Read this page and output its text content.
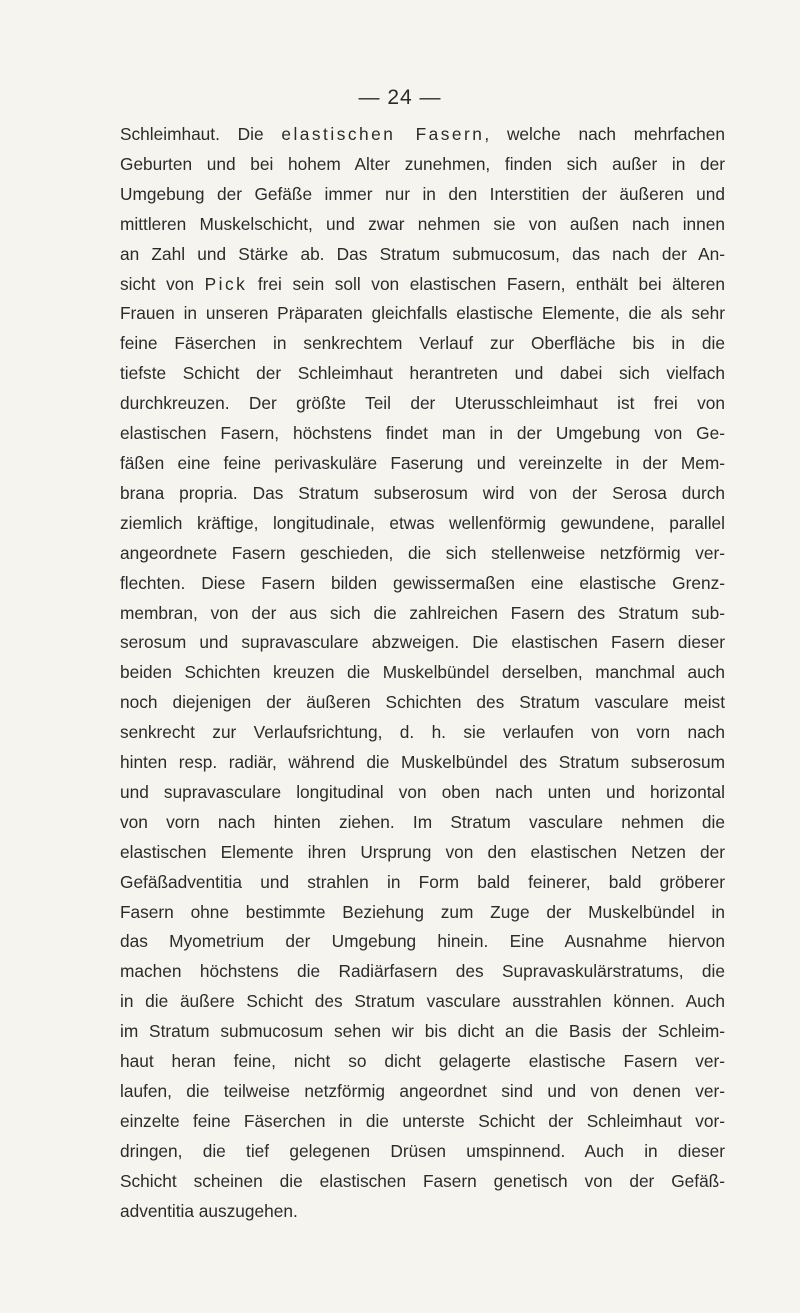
— 24 —
Schleimhaut. Die elastischen Fasern, welche nach mehrfachen
Geburten und bei hohem Alter zunehmen, finden sich außer in der
Umgebung der Gefäße immer nur in den Interstitien der äußeren und
mittleren Muskelschicht, und zwar nehmen sie von außen nach innen
an Zahl und Stärke ab. Das Stratum submucosum, das nach der An-
sicht von Pick frei sein soll von elastischen Fasern, enthält bei älteren
Frauen in unseren Präparaten gleichfalls elastische Elemente, die als sehr
feine Fäserchen in senkrechtem Verlauf zur Oberfläche bis in die
tiefste Schicht der Schleimhaut herantreten und dabei sich vielfach
durchkreuzen. Der größte Teil der Uterusschleimhaut ist frei von
elastischen Fasern, höchstens findet man in der Umgebung von Ge-
fäßen eine feine perivaskuläre Faserung und vereinzelte in der Mem-
brana propria. Das Stratum subserosum wird von der Serosa durch
ziemlich kräftige, longitudinale, etwas wellenförmig gewundene, parallel
angeordnete Fasern geschieden, die sich stellenweise netzförmig ver-
flechten. Diese Fasern bilden gewissermaßen eine elastische Grenz-
membran, von der aus sich die zahlreichen Fasern des Stratum sub-
serosum und supravasculare abzweigen. Die elastischen Fasern dieser
beiden Schichten kreuzen die Muskelbündel derselben, manchmal auch
noch diejenigen der äußeren Schichten des Stratum vasculare meist
senkrecht zur Verlaufsrichtung, d. h. sie verlaufen von vorn nach
hinten resp. radiär, während die Muskelbündel des Stratum subserosum
und supravasculare longitudinal von oben nach unten und horizontal
von vorn nach hinten ziehen. Im Stratum vasculare nehmen die
elastischen Elemente ihren Ursprung von den elastischen Netzen der
Gefäßadventitia und strahlen in Form bald feinerer, bald gröberer
Fasern ohne bestimmte Beziehung zum Zuge der Muskelbündel in
das Myometrium der Umgebung hinein. Eine Ausnahme hiervon
machen höchstens die Radiärfasern des Supravaskulärstratums, die
in die äußere Schicht des Stratum vasculare ausstrahlen können. Auch
im Stratum submucosum sehen wir bis dicht an die Basis der Schleim-
haut heran feine, nicht so dicht gelagerte elastische Fasern ver-
laufen, die teilweise netzförmig angeordnet sind und von denen ver-
einzelte feine Fäserchen in die unterste Schicht der Schleimhaut vor-
dringen, die tief gelegenen Drüsen umspinnend. Auch in dieser
Schicht scheinen die elastischen Fasern genetisch von der Gefäß-
adventitia auszugehen.
